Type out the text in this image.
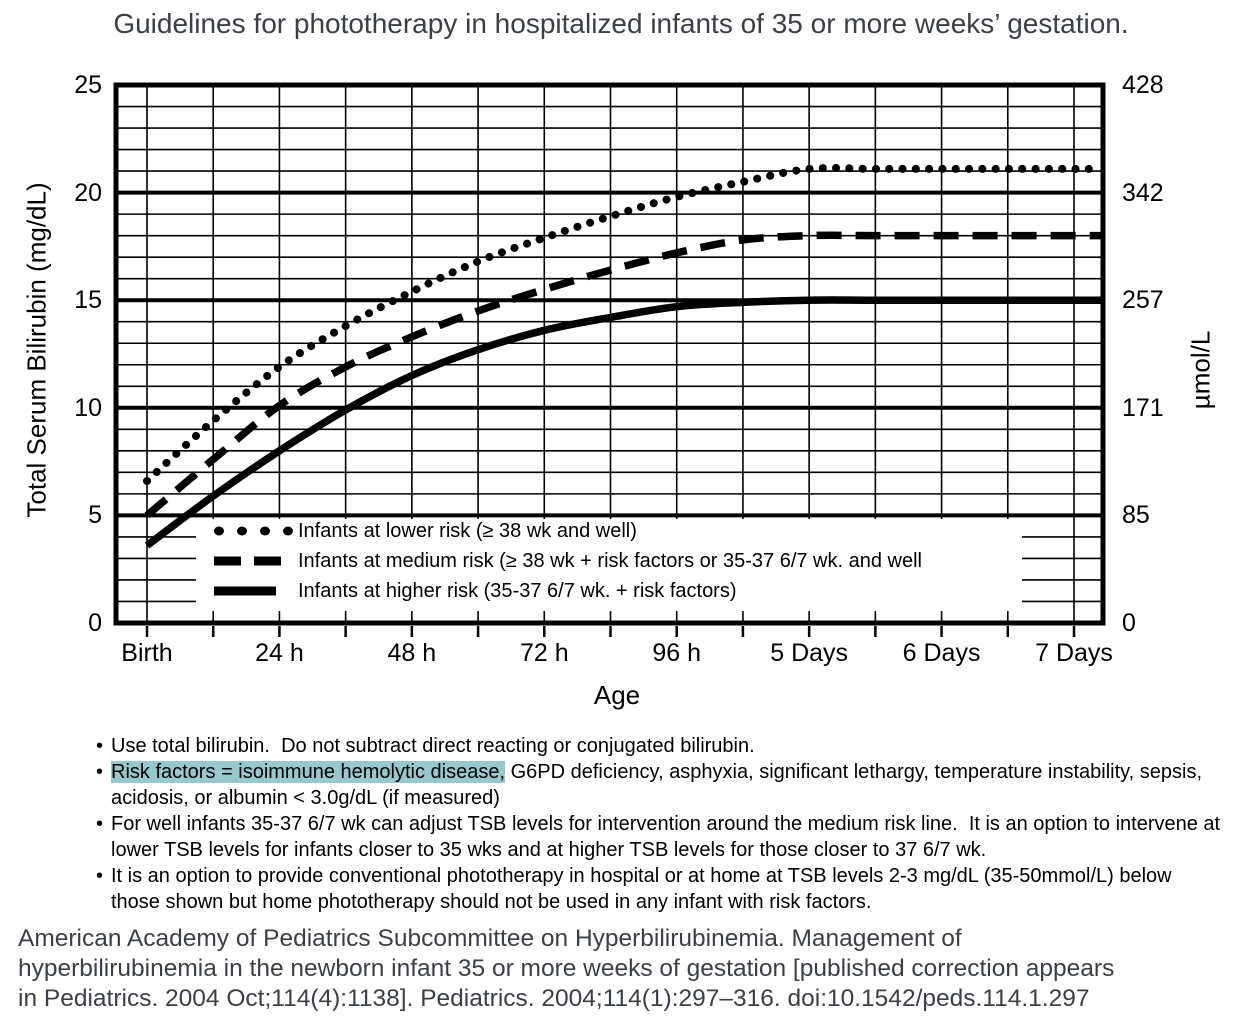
Guidelines for phototherapy in hospitalized infants of 35 or more weeks’ gestation.
Total Serum Bilirubin (mg/dL)	µmol/L
0
5
10
15
20
25
0
85
171
257
342
428
Birth	24 h	48 h	72 h	96 h	5 Days 6 Days 7 Days
Age
Infants at lower risk (≥ 38 wk and well)
Infants at medium risk (≥ 38 wk + risk factors or 35-37 6/7 wk. and well
Infants at higher risk (35-37 6/7 wk. + risk factors)
• Use total bilirubin.  Do not subtract direct reacting or conjugated bilirubin.
• Risk factors = isoimmune hemolytic disease, G6PD deficiency, asphyxia, significant lethargy, temperature instability, sepsis, acidosis, or albumin < 3.0g/dL (if measured)
• For well infants 35-37 6/7 wk can adjust TSB levels for intervention around the medium risk line.  It is an option to intervene at lower TSB levels for infants closer to 35 wks and at higher TSB levels for those closer to 37 6/7 wk.
• It is an option to provide conventional phototherapy in hospital or at home at TSB levels 2-3 mg/dL (35-50mmol/L) below those shown but home phototherapy should not be used in any infant with risk factors.
American Academy of Pediatrics Subcommittee on Hyperbilirubinemia. Management of
hyperbilirubinemia in the newborn infant 35 or more weeks of gestation [published correction appears
in Pediatrics. 2004 Oct;114(4):1138]. Pediatrics. 2004;114(1):297–316. doi:10.1542/peds.114.1.297
